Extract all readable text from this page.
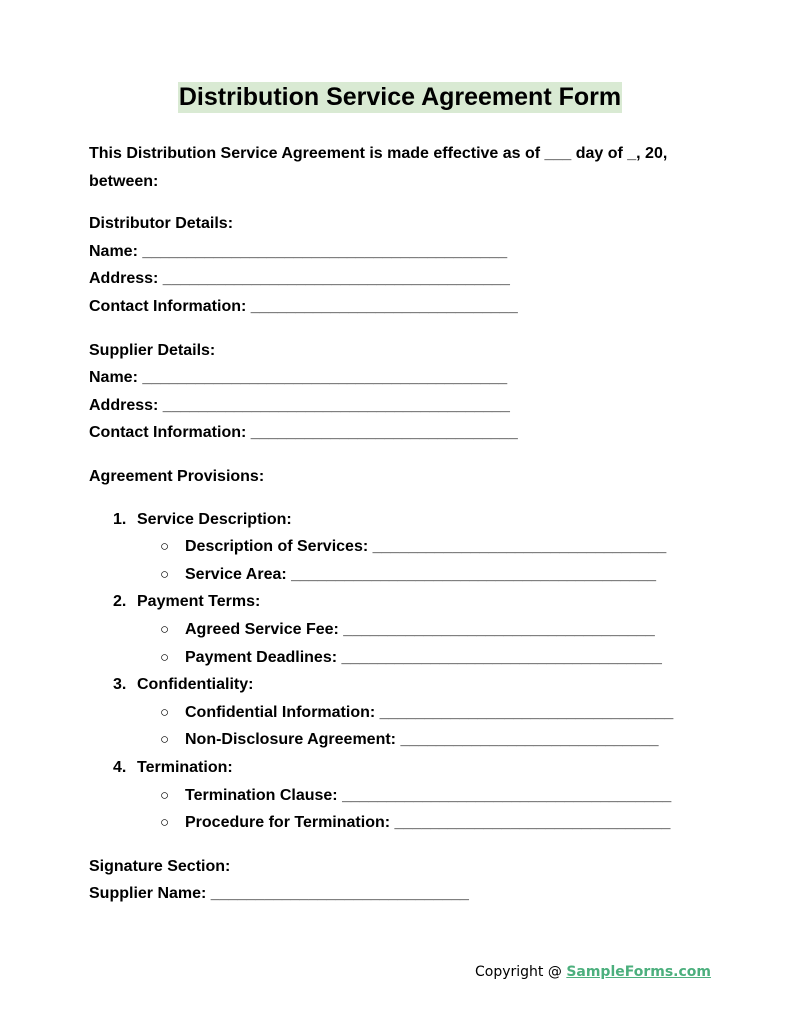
Distribution Service Agreement Form
This Distribution Service Agreement is made effective as of ___ day of _, 20, between:
Distributor Details:
Name: _________________________________________
Address: _______________________________________
Contact Information: ______________________________
Supplier Details:
Name: _________________________________________
Address: _______________________________________
Contact Information: ______________________________
Agreement Provisions:
1. Service Description:
○ Description of Services: _________________________________
○ Service Area: _________________________________________
2. Payment Terms:
○ Agreed Service Fee: ___________________________________
○ Payment Deadlines: ____________________________________
3. Confidentiality:
○ Confidential Information: _________________________________
○ Non-Disclosure Agreement: _____________________________
4. Termination:
○ Termination Clause: _____________________________________
○ Procedure for Termination: _______________________________
Signature Section:
Supplier Name: _____________________________
Copyright @ SampleForms.com
